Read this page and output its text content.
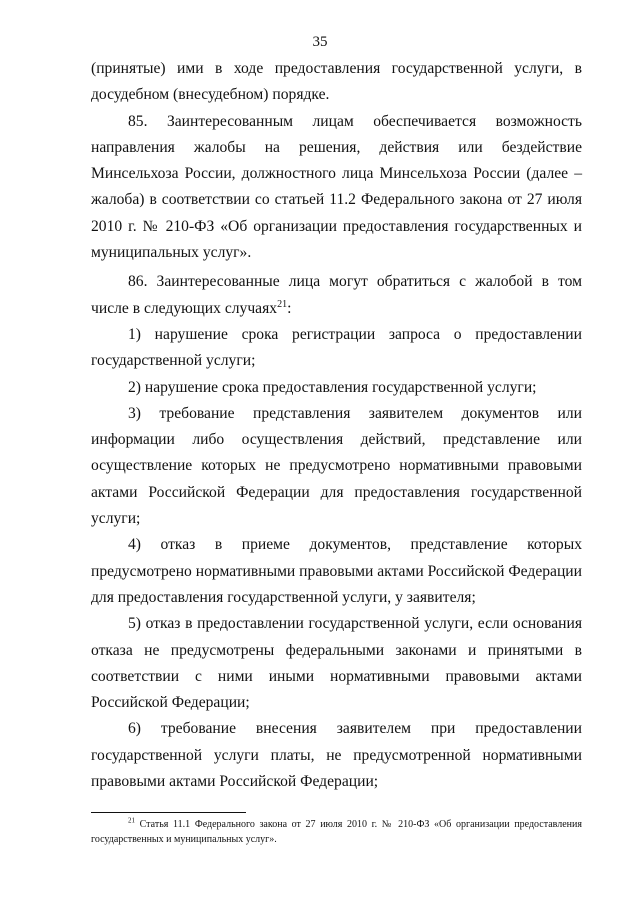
35

(принятые) ими в ходе предоставления государственной услуги, в досудебном (внесудебном) порядке.

85. Заинтересованным лицам обеспечивается возможность направления жалобы на решения, действия или бездействие Минсельхоза России, должностного лица Минсельхоза России (далее – жалоба) в соответствии со статьей 11.2 Федерального закона от 27 июля 2010 г. № 210-ФЗ «Об организации предоставления государственных и муниципальных услуг».

86. Заинтересованные лица могут обратиться с жалобой в том числе в следующих случаях$^{21}$:

1) нарушение срока регистрации запроса о предоставлении государственной услуги;

2) нарушение срока предоставления государственной услуги;

3) требование представления заявителем документов или информации либо осуществления действий, представление или осуществление которых не предусмотрено нормативными правовыми актами Российской Федерации для предоставления государственной услуги;

4) отказ в приеме документов, представление которых предусмотрено нормативными правовыми актами Российской Федерации для предоставления государственной услуги, у заявителя;

5) отказ в предоставлении государственной услуги, если основания отказа не предусмотрены федеральными законами и принятыми в соответствии с ними иными нормативными правовыми актами Российской Федерации;

6) требование внесения заявителем при предоставлении государственной услуги платы, не предусмотренной нормативными правовыми актами Российской Федерации;

$^{21}$ Статья 11.1 Федерального закона от 27 июля 2010 г. № 210-ФЗ «Об организации предоставления государственных и муниципальных услуг».
